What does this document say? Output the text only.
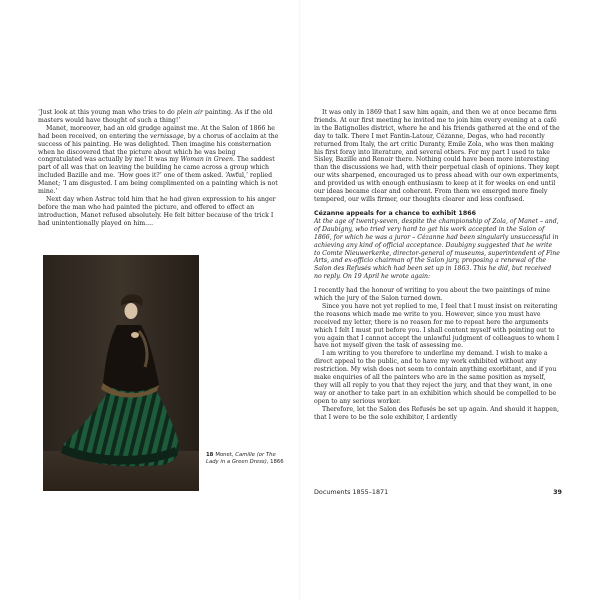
‘Just look at this young man who tries to do plein air painting. As if the old masters would have thought of such a thing!’

Manet, moreover, had an old grudge against me. At the Salon of 1866 he had been received, on entering the vernissage, by a chorus of acclaim at the success of his painting. He was delighted. Then imagine his consternation when he discovered that the picture about which he was being congratulated was actually by me! It was my Woman in Green. The saddest part of all was that on leaving the building he came across a group which included Bazille and me. ‘How goes it?’ one of them asked. ‘Awful,’ replied Manet; ‘I am disgusted. I am being complimented on a painting which is not mine.’

Next day when Astruc told him that he had given expression to his anger before the man who had painted the picture, and offered to effect an introduction, Manet refused absolutely. He felt bitter because of the trick I had unintentionally played on him....

18 Monet, Camille (or The Lady in a Green Dress), 1866

It was only in 1869 that I saw him again, and then we at once became firm friends. At our first meeting he invited me to join him every evening at a café in the Batignolles district, where he and his friends gathered at the end of the day to talk. There I met Fantin-Latour, Cézanne, Degas, who had recently returned from Italy, the art critic Duranty, Emile Zola, who was then making his first foray into literature, and several others. For my part I used to take Sisley, Bazille and Renoir there. Nothing could have been more interesting than the discussions we had, with their perpetual clash of opinions. They kept our wits sharpened, encouraged us to press ahead with our own experiments, and provided us with enough enthusiasm to keep at it for weeks on end until our ideas became clear and coherent. From them we emerged more finely tempered, our wills firmer, our thoughts clearer and less confused.

Cézanne appeals for a chance to exhibit 1866

At the age of twenty-seven, despite the championship of Zola, of Manet – and, of Daubigny, who tried very hard to get his work accepted in the Salon of 1866, for which he was a juror – Cézanne had been singularly unsuccessful in achieving any kind of official acceptance. Daubigny suggested that he write to Comte Nieuwerkerke, director-general of museums, superintendent of Fine Arts, and ex-officio chairman of the Salon jury, proposing a renewal of the Salon des Refusés which had been set up in 1863. This he did, but received no reply. On 19 April he wrote again:

I recently had the honour of writing to you about the two paintings of mine which the jury of the Salon turned down.

Since you have not yet replied to me, I feel that I must insist on reiterating the reasons which made me write to you. However, since you must have received my letter, there is no reason for me to repeat here the arguments which I felt I must put before you. I shall content myself with pointing out to you again that I cannot accept the unlawful judgment of colleagues to whom I have not myself given the task of assessing me.

I am writing to you therefore to underline my demand. I wish to make a direct appeal to the public, and to have my work exhibited without any restriction. My wish does not seem to contain anything exorbitant, and if you make enquiries of all the painters who are in the same position as myself, they will all reply to you that they reject the jury, and that they want, in one way or another to take part in an exhibition which should be compelled to be open to any serious worker.

Therefore, let the Salon des Refusés be set up again. And should it happen, that I were to be the sole exhibitor, I ardently

Documents 1855–1871	39
